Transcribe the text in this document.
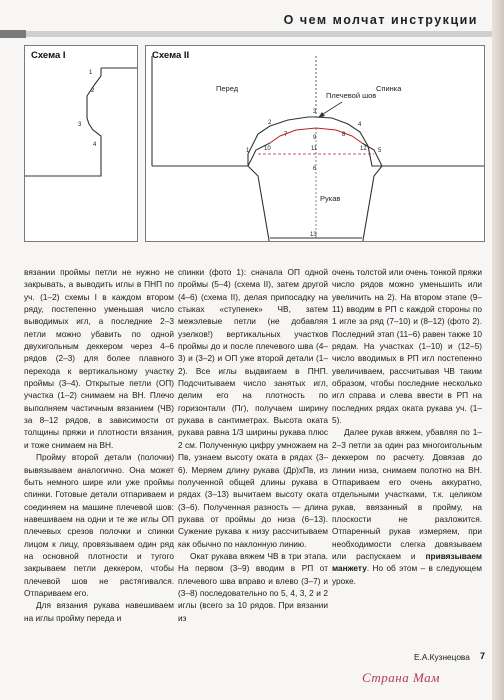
О чем молчат инструкции
Схема I
1
2
3
4
Схема II
Перед	Спинка
Плечевой шов
Рукав
1
2
3
4
5
6
7	8
9
10	11	12
13

вязании проймы петли не нужно не закрывать, а выводить иглы в ПНП по уч. (1–2) схемы I в каждом втором ряду, постепенно уменьшая число выводимых игл, а последние 2–3 петли можно убавить по одной двухигольным деккером через 4–6 рядов (2–3) для более плавного перехода к вертикальному участку проймы (3–4). Открытые петли (ОП) участка (1–2) снимаем на ВН. Плечо выполняем частичным вязанием (ЧВ) за 8–12 рядов, в зависимости от толщины пряжи и плотности вязания, и тоже снимаем на ВН.

Пройму второй детали (полочки) вывязываем аналогично. Она может быть немного шире или уже проймы спинки. Готовые детали отпариваем и соединяем на машине плечевой шов: навешиваем на одни и те же иглы ОП плечевых срезов полочки и спинки лицом к лицу, провязываем один ряд на основной плотности и тугого закрываем петли деккером, чтобы плечевой шов не растягивался. Отпариваем его.

Для вязания рукава навешиваем на иглы пройму переда и

спинки (фото 1): сначала ОП одной проймы (5–4) (схема II), затем другой (4–6) (схема II), делая припосадку на стыках «ступенек» ЧВ, затем межэлевые петли (не добавляя узелков!) вертикальных участков проймы до и после плечевого шва (4–3) и (3–2) и ОП уже второй детали (1–2). Все иглы выдвигаем в ПНП. Подсчитываем число занятых игл, делим его на плотность по горизонтали (Пг), получаем ширину рукава в сантиметрах. Высота оката рукава равна 1/3 ширины рукава плюс 2 см. Полученную цифру умножаем на Пв, узнаем высоту оката в рядах (3–6). Меряем длину рукава (Др)хПв, из полученной общей длины рукава в рядах (3–13) вычитаем высоту оката (3–6). Полученная разность — длина рукава от проймы до низа (6–13). Сужение рукава к низу рассчитываем как обычно по наклонную линию.

Окат рукава вяжем ЧВ в три этапа. На первом (3–9) вводим в РП от плечевого шва вправо и влево (3–7) и (3–8) последовательно по 5, 4, 3, 2 и 2 иглы (всего за 10 рядов. При вязании из

очень толстой или очень тонкой пряжи число рядов можно уменьшить или увеличить на 2). На втором этапе (9–11) вводим в РП с каждой стороны по 1 игле за ряд (7–10) и (8–12) (фото 2). Последний этап (11–6) равен также 10 рядам. На участках (1–10) и (12–5) число вводимых в РП игл постепенно увеличиваем, рассчитывая ЧВ таким образом, чтобы последние несколько игл справа и слева ввести в РП на последних рядах оката рукава уч. (1–5).

Далее рукав вяжем, убавляя по 1–2–3 петли за один раз многоигольным деккером по расчету. Довязав до линии низа, снимаем полотно на ВН. Отпариваем его очень аккуратно, отдельными участками, т.к. целиком рукав, ввязанный в пройму, на плоскости не разложится. Отпаренный рукав измеряем, при необходимости слегка довязываем или распускаем и привязываем манжету. Но об этом – в следующем уроке.

Е.А.Кузнецова 7
Страна Мам
